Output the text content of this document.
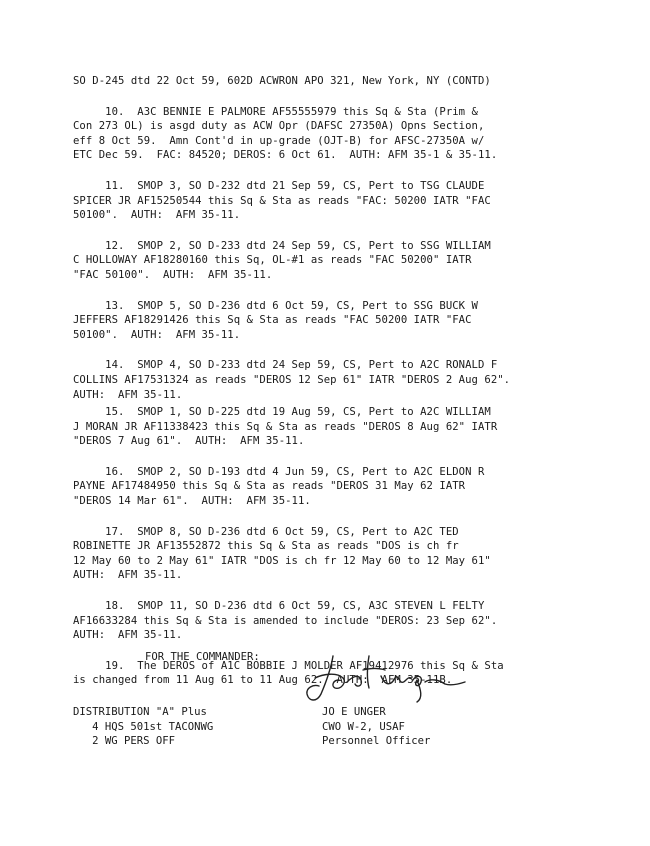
SO D-245 dtd 22 Oct 59, 602D ACWRON APO 321, New York, NY (CONTD)
10.  A3C BENNIE E PALMORE AF55555979 this Sq & Sta (Prim &
Con 273 OL) is asgd duty as ACW Opr (DAFSC 27350A) Opns Section,
eff 8 Oct 59.  Amn Cont'd in up-grade (OJT-B) for AFSC-27350A w/
ETC Dec 59.  FAC: 84520; DEROS: 6 Oct 61.  AUTH: AFM 35-1 & 35-11.
11.  SMOP 3, SO D-232 dtd 21 Sep 59, CS, Pert to TSG CLAUDE
SPICER JR AF15250544 this Sq & Sta as reads "FAC: 50200 IATR "FAC
50100".  AUTH:  AFM 35-11.
12.  SMOP 2, SO D-233 dtd 24 Sep 59, CS, Pert to SSG WILLIAM
C HOLLOWAY AF18280160 this Sq, OL-#1 as reads "FAC 50200" IATR
"FAC 50100".  AUTH:  AFM 35-11.
13.  SMOP 5, SO D-236 dtd 6 Oct 59, CS, Pert to SSG BUCK W
JEFFERS AF18291426 this Sq & Sta as reads "FAC 50200 IATR "FAC
50100".  AUTH:  AFM 35-11.
14.  SMOP 4, SO D-233 dtd 24 Sep 59, CS, Pert to A2C RONALD F
COLLINS AF17531324 as reads "DEROS 12 Sep 61" IATR "DEROS 2 Aug 62".
AUTH:  AFM 35-11.
15.  SMOP 1, SO D-225 dtd 19 Aug 59, CS, Pert to A2C WILLIAM
J MORAN JR AF11338423 this Sq & Sta as reads "DEROS 8 Aug 62" IATR
"DEROS 7 Aug 61".  AUTH:  AFM 35-11.
16.  SMOP 2, SO D-193 dtd 4 Jun 59, CS, Pert to A2C ELDON R
PAYNE AF17484950 this Sq & Sta as reads "DEROS 31 May 62 IATR
"DEROS 14 Mar 61".  AUTH:  AFM 35-11.
17.  SMOP 8, SO D-236 dtd 6 Oct 59, CS, Pert to A2C TED
ROBINETTE JR AF13552872 this Sq & Sta as reads "DOS is ch fr
12 May 60 to 2 May 61" IATR "DOS is ch fr 12 May 60 to 12 May 61"
AUTH:  AFM 35-11.
18.  SMOP 11, SO D-236 dtd 6 Oct 59, CS, A3C STEVEN L FELTY
AF16633284 this Sq & Sta is amended to include "DEROS: 23 Sep 62".
AUTH:  AFM 35-11.
19.  The DEROS of A1C BOBBIE J MOLDER AF19412976 this Sq & Sta
is changed from 11 Aug 61 to 11 Aug 62.  AUTH:  AFM 35-11B.
FOR THE COMMANDER:
DISTRIBUTION "A" Plus
4 HQS 501st TACONWG
2 WG PERS OFF
JO E UNGER
CWO W-2, USAF
Personnel Officer
